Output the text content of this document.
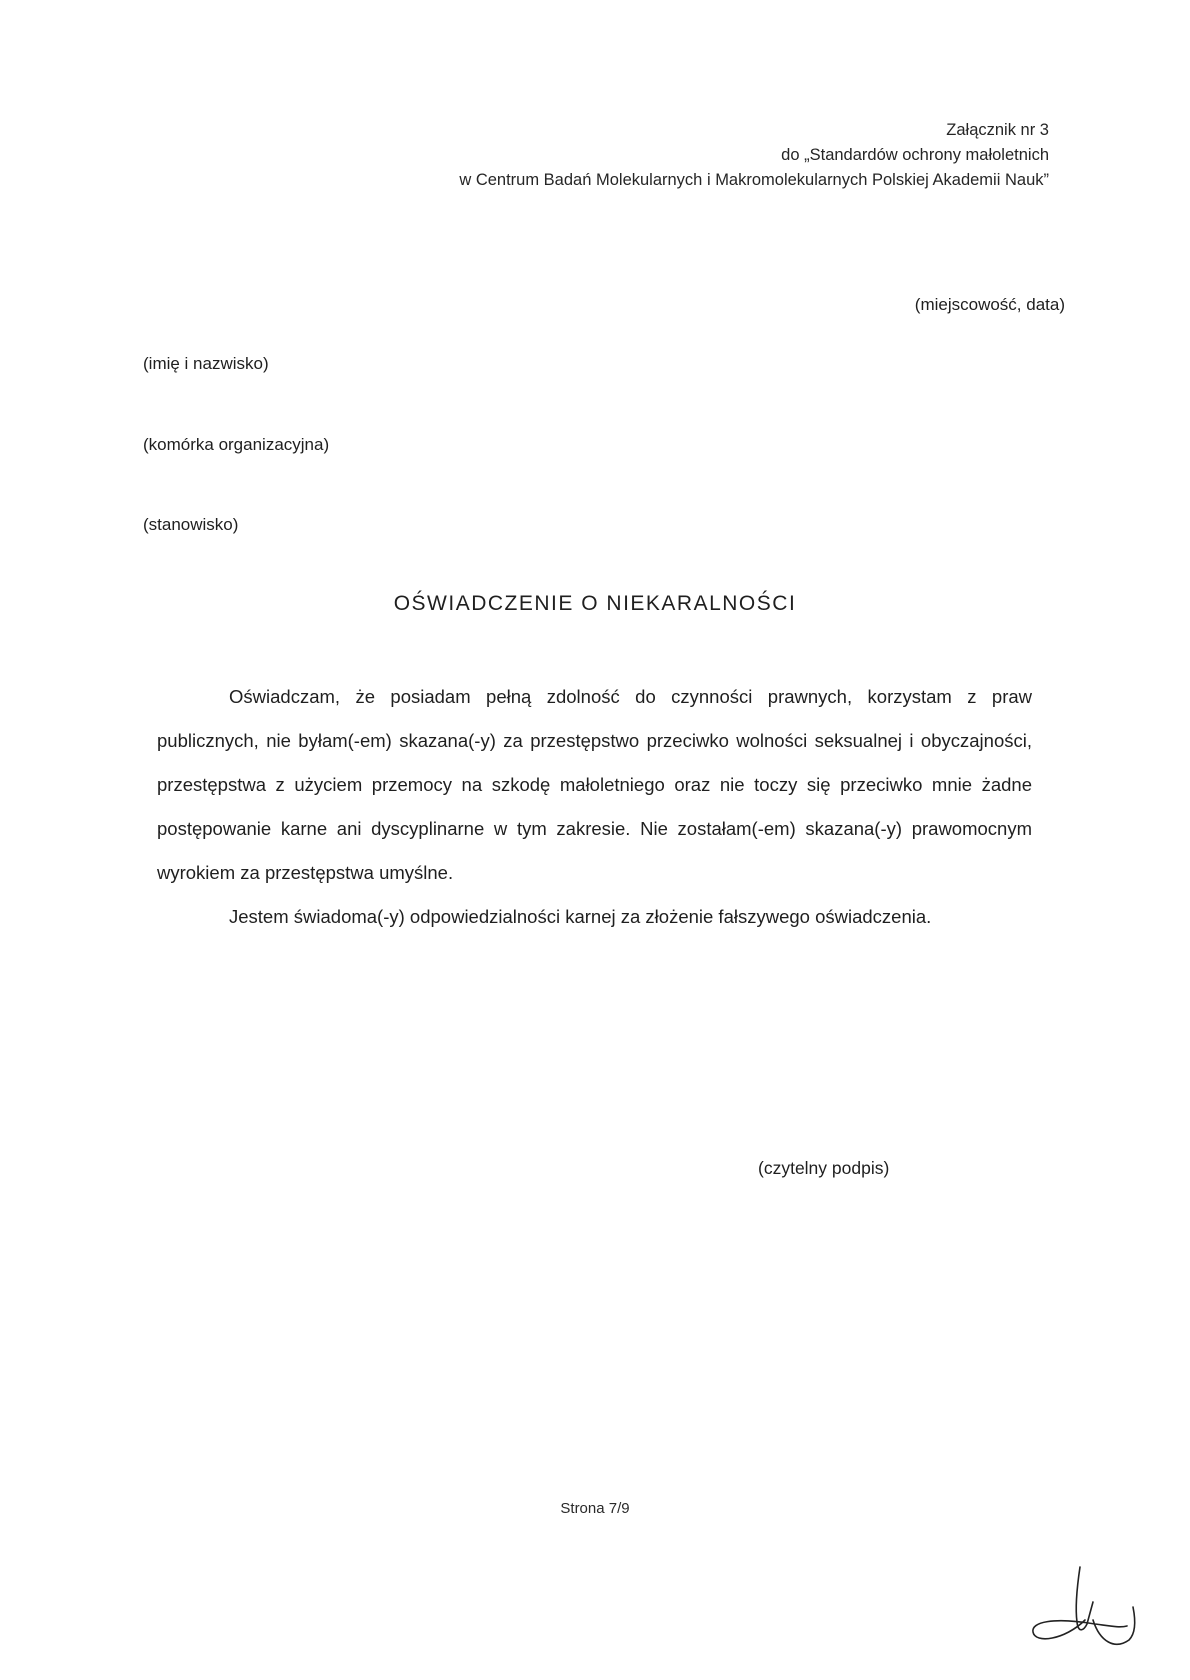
Załącznik nr 3
do „Standardów ochrony małoletnich
w Centrum Badań Molekularnych i Makromolekularnych Polskiej Akademii Nauk”
(miejscowość, data)
(imię i nazwisko)
(komórka organizacyjna)
(stanowisko)
OŚWIADCZENIE O NIEKARALNOŚCI

Oświadczam, że posiadam pełną zdolność do czynności prawnych, korzystam z praw publicznych, nie byłam(-em) skazana(-y) za przestępstwo przeciwko wolności seksualnej i obyczajności, przestępstwa z użyciem przemocy na szkodę małoletniego oraz nie toczy się przeciwko mnie żadne postępowanie karne ani dyscyplinarne w tym zakresie. Nie zostałam(-em) skazana(-y) prawomocnym wyrokiem za przestępstwa umyślne.

Jestem świadoma(-y) odpowiedzialności karnej za złożenie fałszywego oświadczenia.

(czytelny podpis)
Strona 7/9
